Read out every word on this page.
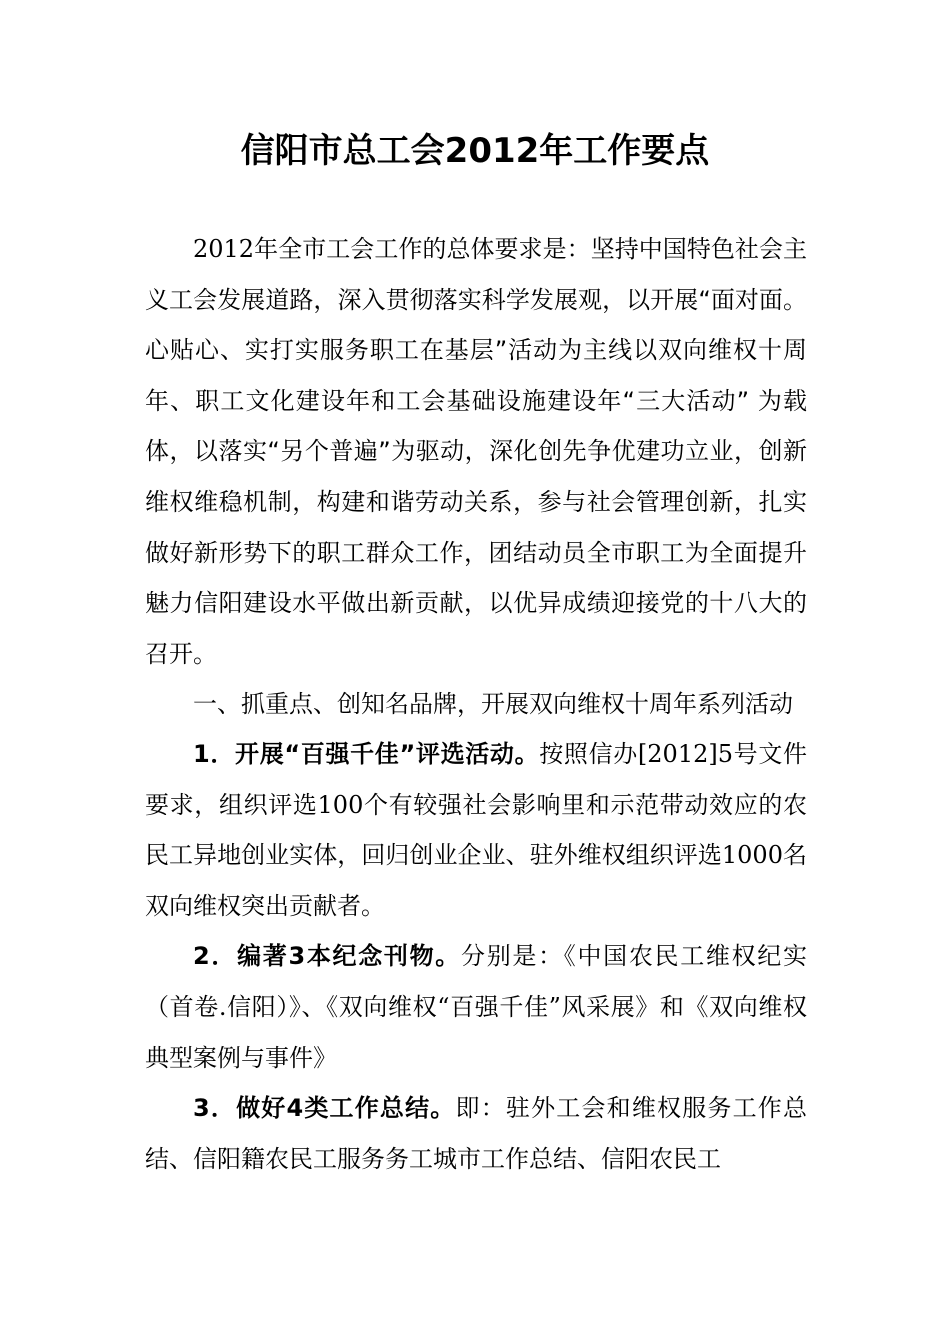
信阳市总工会2012年工作要点

2012年全市工会工作的总体要求是：坚持中国特色社会主义工会发展道路，深入贯彻落实科学发展观，以开展“面对面。心贴心、实打实服务职工在基层”活动为主线以双向维权十周年、职工文化建设年和工会基础设施建设年“三大活动” 为载体，以落实“另个普遍”为驱动，深化创先争优建功立业，创新维权维稳机制，构建和谐劳动关系，参与社会管理创新，扎实做好新形势下的职工群众工作，团结动员全市职工为全面提升魅力信阳建设水平做出新贡献，以优异成绩迎接党的十八大的召开。

一、抓重点、创知名品牌，开展双向维权十周年系列活动

1．开展“百强千佳”评选活动。按照信办[2012]5号文件要求，组织评选100个有较强社会影响里和示范带动效应的农民工异地创业实体，回归创业企业、驻外维权组织评选1000名双向维权突出贡献者。

2．编著3本纪念刊物。分别是：《中国农民工维权纪实（首卷.信阳）》、《双向维权“百强千佳”风采展》和《双向维权典型案例与事件》

3．做好4类工作总结。即：驻外工会和维权服务工作总结、信阳籍农民工服务务工城市工作总结、信阳农民工
